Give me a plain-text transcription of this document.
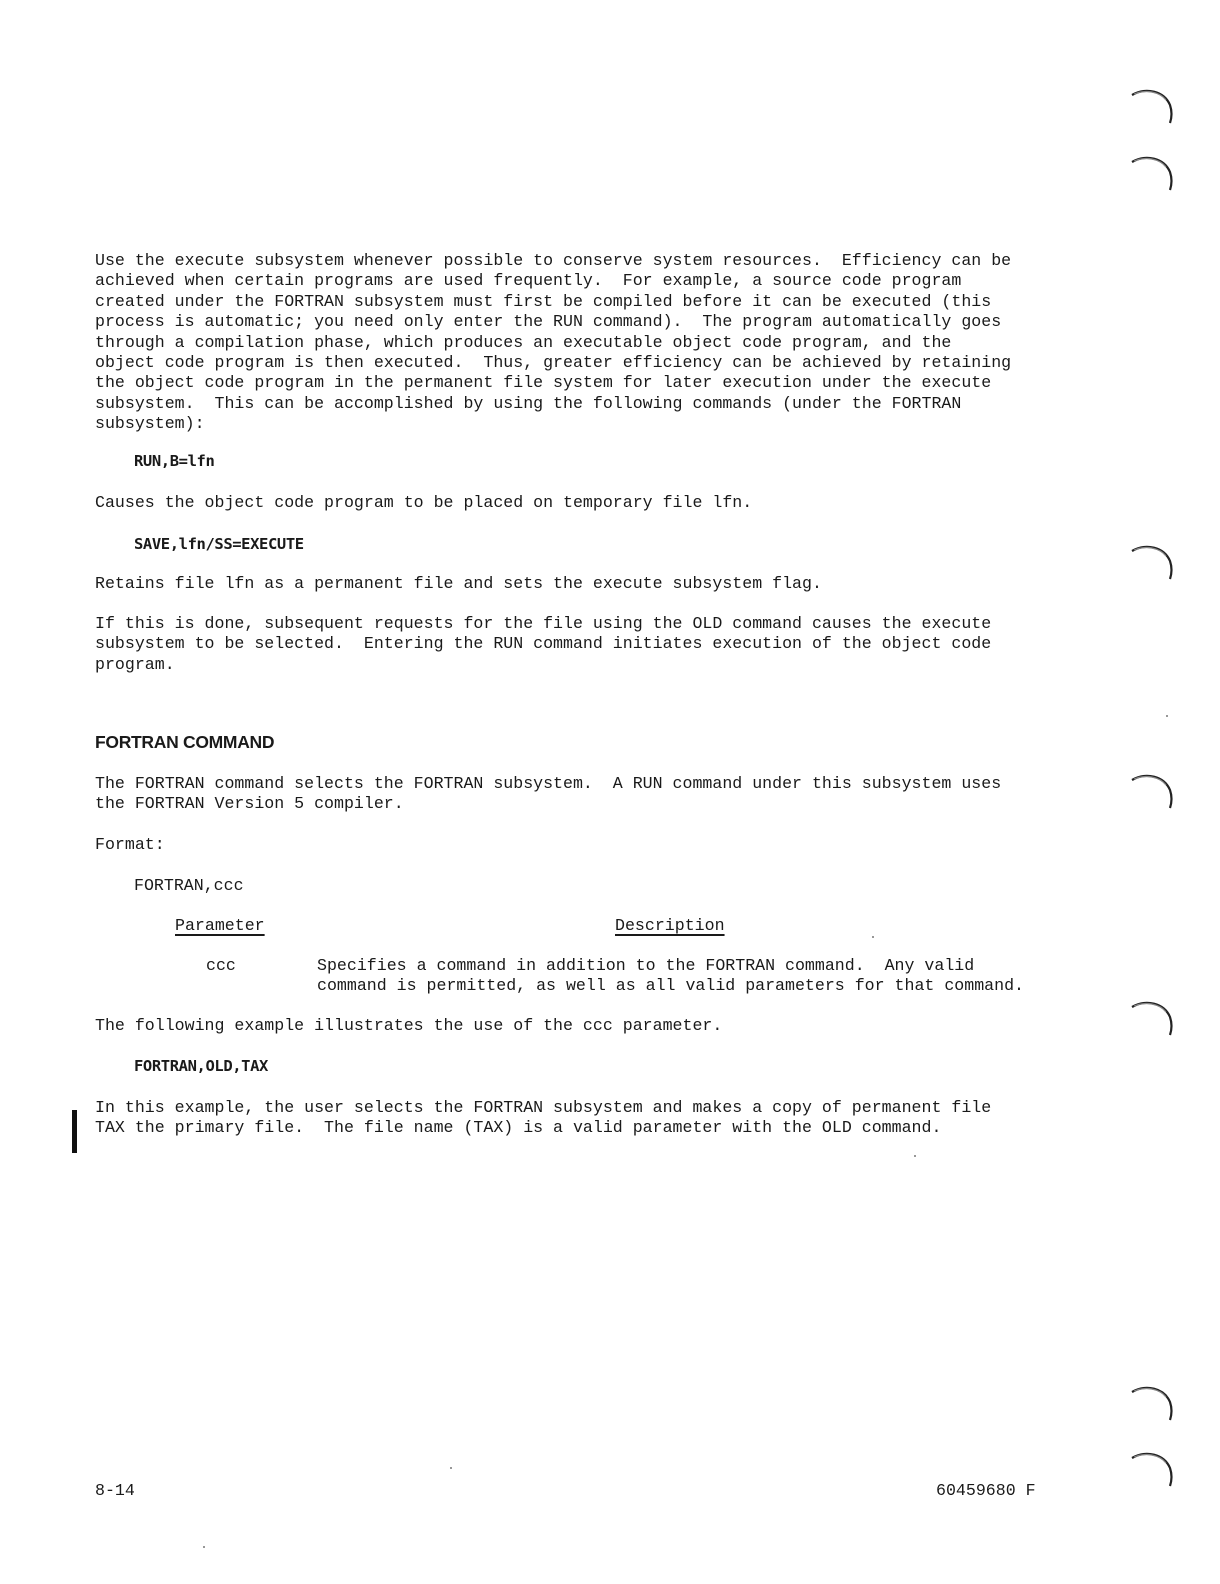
Use the execute subsystem whenever possible to conserve system resources.  Efficiency can be
achieved when certain programs are used frequently.  For example, a source code program
created under the FORTRAN subsystem must first be compiled before it can be executed (this
process is automatic; you need only enter the RUN command).  The program automatically goes
through a compilation phase, which produces an executable object code program, and the
object code program is then executed.  Thus, greater efficiency can be achieved by retaining
the object code program in the permanent file system for later execution under the execute
subsystem.  This can be accomplished by using the following commands (under the FORTRAN
subsystem):

RUN,B=lfn

Causes the object code program to be placed on temporary file lfn.

SAVE,lfn/SS=EXECUTE

Retains file lfn as a permanent file and sets the execute subsystem flag.

If this is done, subsequent requests for the file using the OLD command causes the execute
subsystem to be selected.  Entering the RUN command initiates execution of the object code
program.

FORTRAN COMMAND

The FORTRAN command selects the FORTRAN subsystem.  A RUN command under this subsystem uses
the FORTRAN Version 5 compiler.

Format:

FORTRAN,ccc

Parameter	Description

ccc	Specifies a command in addition to the FORTRAN command.  Any valid
command is permitted, as well as all valid parameters for that command.

The following example illustrates the use of the ccc parameter.

FORTRAN,OLD,TAX

In this example, the user selects the FORTRAN subsystem and makes a copy of permanent file
TAX the primary file.  The file name (TAX) is a valid parameter with the OLD command.

8-14	60459680 F
